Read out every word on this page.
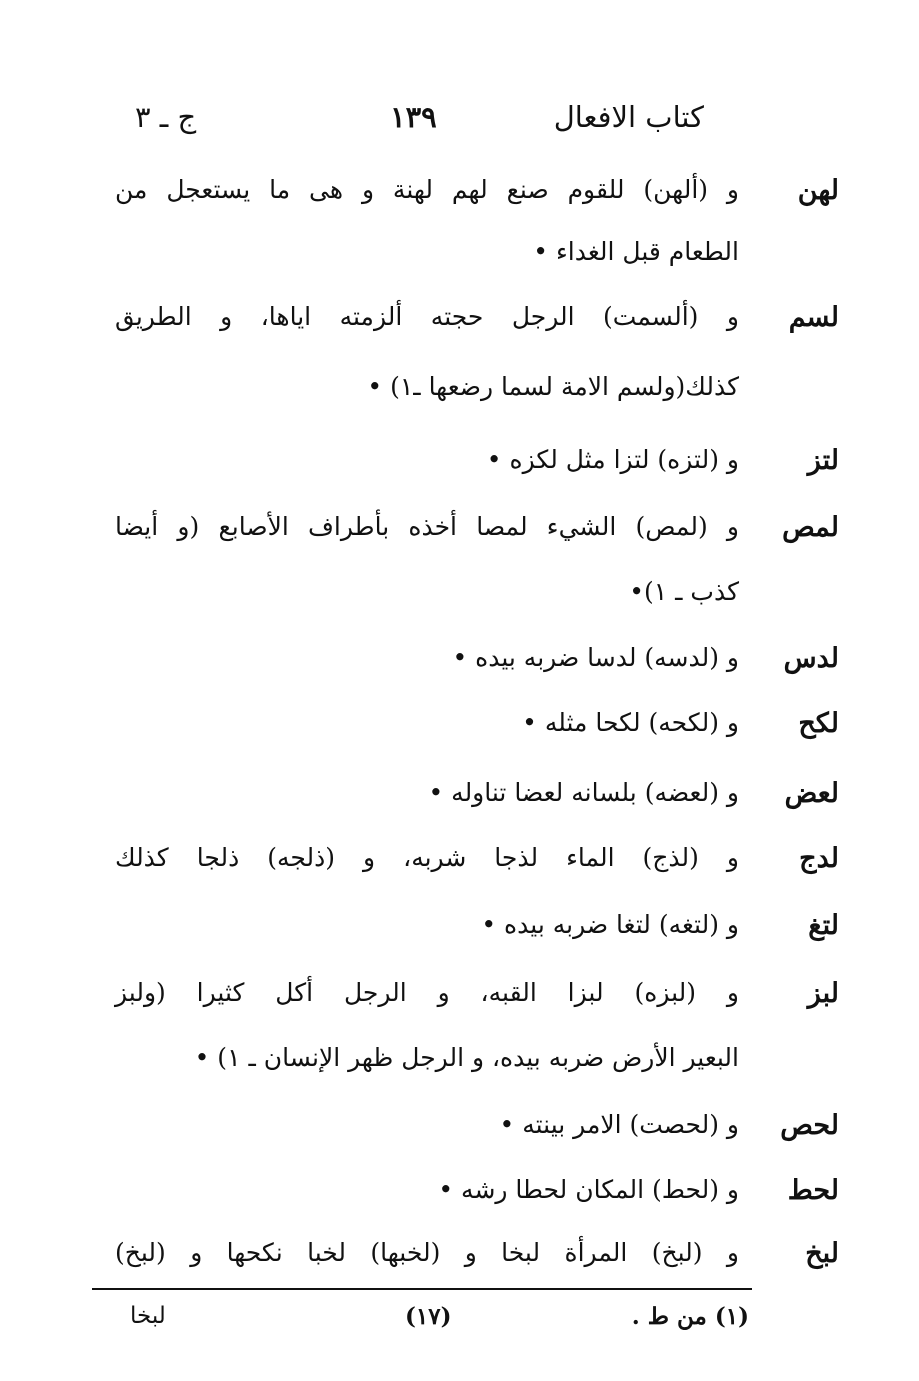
كتاب الافعال
١٣٩
ج ـ ٣
لهن
و (ألهن) للقوم صنع لهم لهنة و هى ما يستعجل من
الطعام قبل الغداء •
لسم
و (ألسمت) الرجل حجته ألزمته اياها، و الطريق
كذلك(ولسم الامة لسما رضعها ـ١) •
لتز
و (لتزه) لتزا مثل لكزه •
لمص
و (لمص) الشيء لمصا أخذه بأطراف الأصابع (و أيضا
كذب ـ ١)•
لدس
و (لدسه) لدسا ضربه بيده •
لكح
و (لكحه) لكحا مثله •
لعض
و (لعضه) بلسانه لعضا تناوله •
لدج
و (لذج) الماء لذجا شربه، و (ذلجه) ذلجا كذلك
لتغ
و (لتغه) لتغا ضربه بيده •
لبز
و (لبزه) لبزا القبه، و الرجل أكل كثيرا (ولبز
البعير الأرض ضربه بيده، و الرجل ظهر الإنسان ـ ١) •
لحص
و (لحصت) الامر بينته •
لحط
و (لحط) المكان لحطا رشه •
لبخ
و (لبخ) المرأة لبخا و (لخبها) لخبا نكحها و (لبخ)
(١) من ط .
(١٧)
لبخا
